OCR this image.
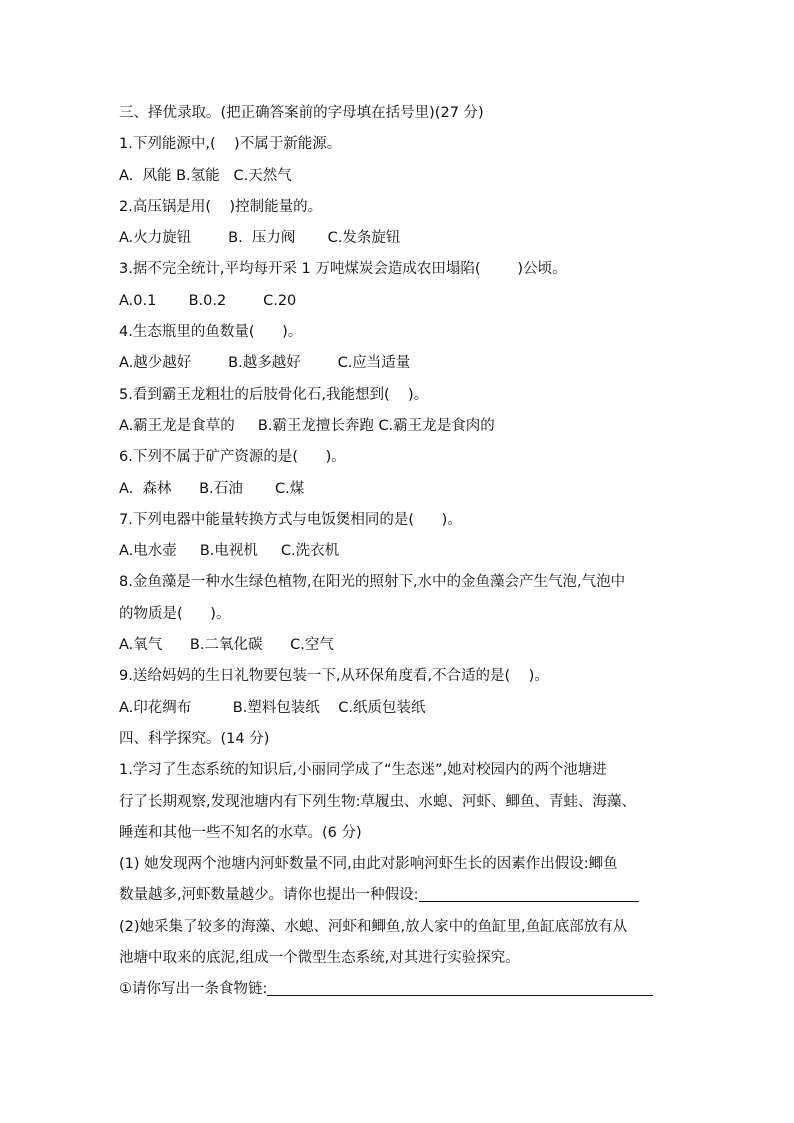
三、择优录取。(把正确答案前的字母填在括号里)(27 分)
1.下列能源中,(    )不属于新能源。
A.  风能 B.氢能   C.天然气
2.高压锅是用(    )控制能量的。
A.火力旋钮        B.  压力阀       C.发条旋钮
3.据不完全统计,平均每开采 1 万吨煤炭会造成农田塌陷(        )公顷。
A.0.1       B.0.2        C.20
4.生态瓶里的鱼数量(      )。
A.越少越好        B.越多越好        C.应当适量
5.看到霸王龙粗壮的后肢骨化石,我能想到(    )。
A.霸王龙是食草的     B.霸王龙擅长奔跑 C.霸王龙是食肉的
6.下列不属于矿产资源的是(      )。
A.  森林      B.石油       C.煤
7.下列电器中能量转换方式与电饭煲相同的是(      )。
A.电水壶     B.电视机     C.洗衣机
8.金鱼藻是一种水生绿色植物,在阳光的照射下,水中的金鱼藻会产生气泡,气泡中
的物质是(      )。
A.氧气      B.二氧化碳      C.空气
9.送给妈妈的生日礼物要包装一下,从环保角度看,不合适的是(    )。
A.印花绸布         B.塑料包装纸    C.纸质包装纸
四、科学探究。(14 分)
1.学习了生态系统的知识后,小丽同学成了“生态迷”,她对校园内的两个池塘进
行了长期观察,发现池塘内有下列生物:草履虫、水螅、河虾、鲫鱼、青蛙、海藻、
睡莲和其他一些不知名的水草。(6 分)
(1) 她发现两个池塘内河虾数量不同,由此对影响河虾生长的因素作出假设:鲫鱼
数量越多,河虾数量越少。请你也提出一种假设:
(2)她采集了较多的海藻、水螅、河虾和鲫鱼,放人家中的鱼缸里,鱼缸底部放有从
池塘中取来的底泥,组成一个微型生态系统,对其进行实验探究。
①请你写出一条食物链:
